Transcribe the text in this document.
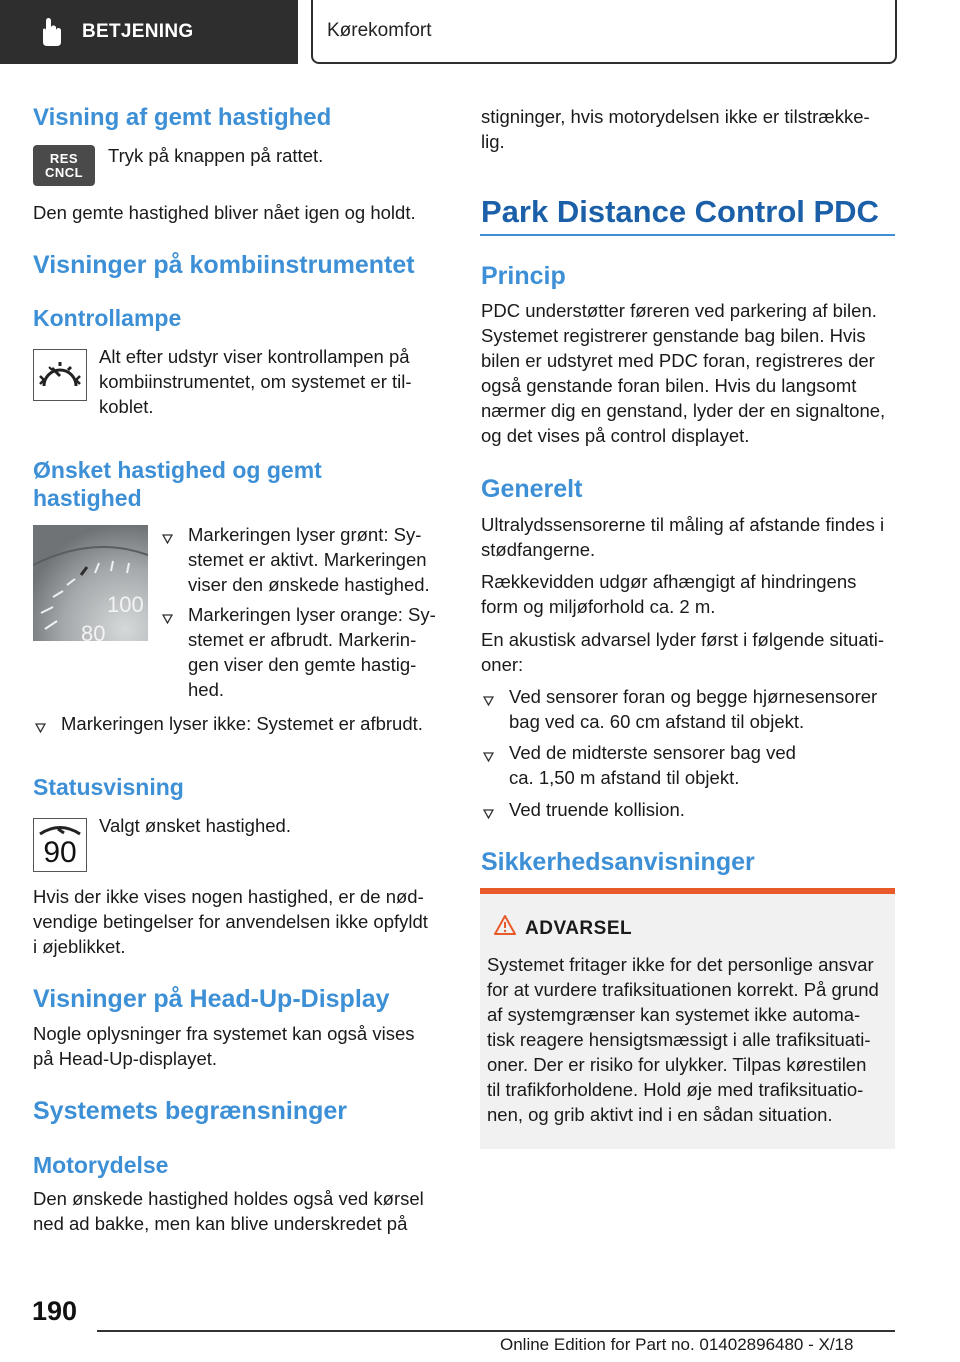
BETJENING	Kørekomfort
Visning af gemt hastighed
RES
CNCL
Tryk på knappen på rattet.
Den gemte hastighed bliver nået igen og holdt.
Visninger på kombiinstrumentet
Kontrollampe
Alt efter udstyr viser kontrollampen på
kombiinstrumentet, om systemet er til-
koblet.
Ønsket hastighed og gemt
hastighed
100
80
Markeringen lyser grønt: Sy-
stemet er aktivt. Markeringen
viser den ønskede hastighed.
Markeringen lyser orange: Sy-
stemet er afbrudt. Markerin-
gen viser den gemte hastig-
hed.
Markeringen lyser ikke: Systemet er afbrudt.
Statusvisning
90
Valgt ønsket hastighed.
Hvis der ikke vises nogen hastighed, er de nød-
vendige betingelser for anvendelsen ikke opfyldt
i øjeblikket.
Visninger på Head-Up-Display
Nogle oplysninger fra systemet kan også vises
på Head-Up-displayet.
Systemets begrænsninger
Motorydelse
Den ønskede hastighed holdes også ved kørsel
ned ad bakke, men kan blive underskredet på
stigninger, hvis motorydelsen ikke er tilstrække-
lig.
Park Distance Control PDC
Princip
PDC understøtter føreren ved parkering af bilen.
Systemet registrerer genstande bag bilen. Hvis
bilen er udstyret med PDC foran, registreres der
også genstande foran bilen. Hvis du langsomt
nærmer dig en genstand, lyder der en signaltone,
og det vises på control displayet.
Generelt
Ultralydssensorerne til måling af afstande findes i
stødfangerne.
Rækkevidden udgør afhængigt af hindringens
form og miljøforhold ca. 2 m.
En akustisk advarsel lyder først i følgende situati-
oner:
Ved sensorer foran og begge hjørnesensorer
bag ved ca. 60 cm afstand til objekt.
Ved de midterste sensorer bag ved
ca. 1,50 m afstand til objekt.
Ved truende kollision.
Sikkerhedsanvisninger
ADVARSEL
Systemet fritager ikke for det personlige ansvar
for at vurdere trafiksituationen korrekt. På grund
af systemgrænser kan systemet ikke automa-
tisk reagere hensigtsmæssigt i alle trafiksituati-
oner. Der er risiko for ulykker. Tilpas kørestilen
til trafikforholdene. Hold øje med trafiksituatio-
nen, og grib aktivt ind i en sådan situation.
190
Online Edition for Part no. 01402896480 - X/18
